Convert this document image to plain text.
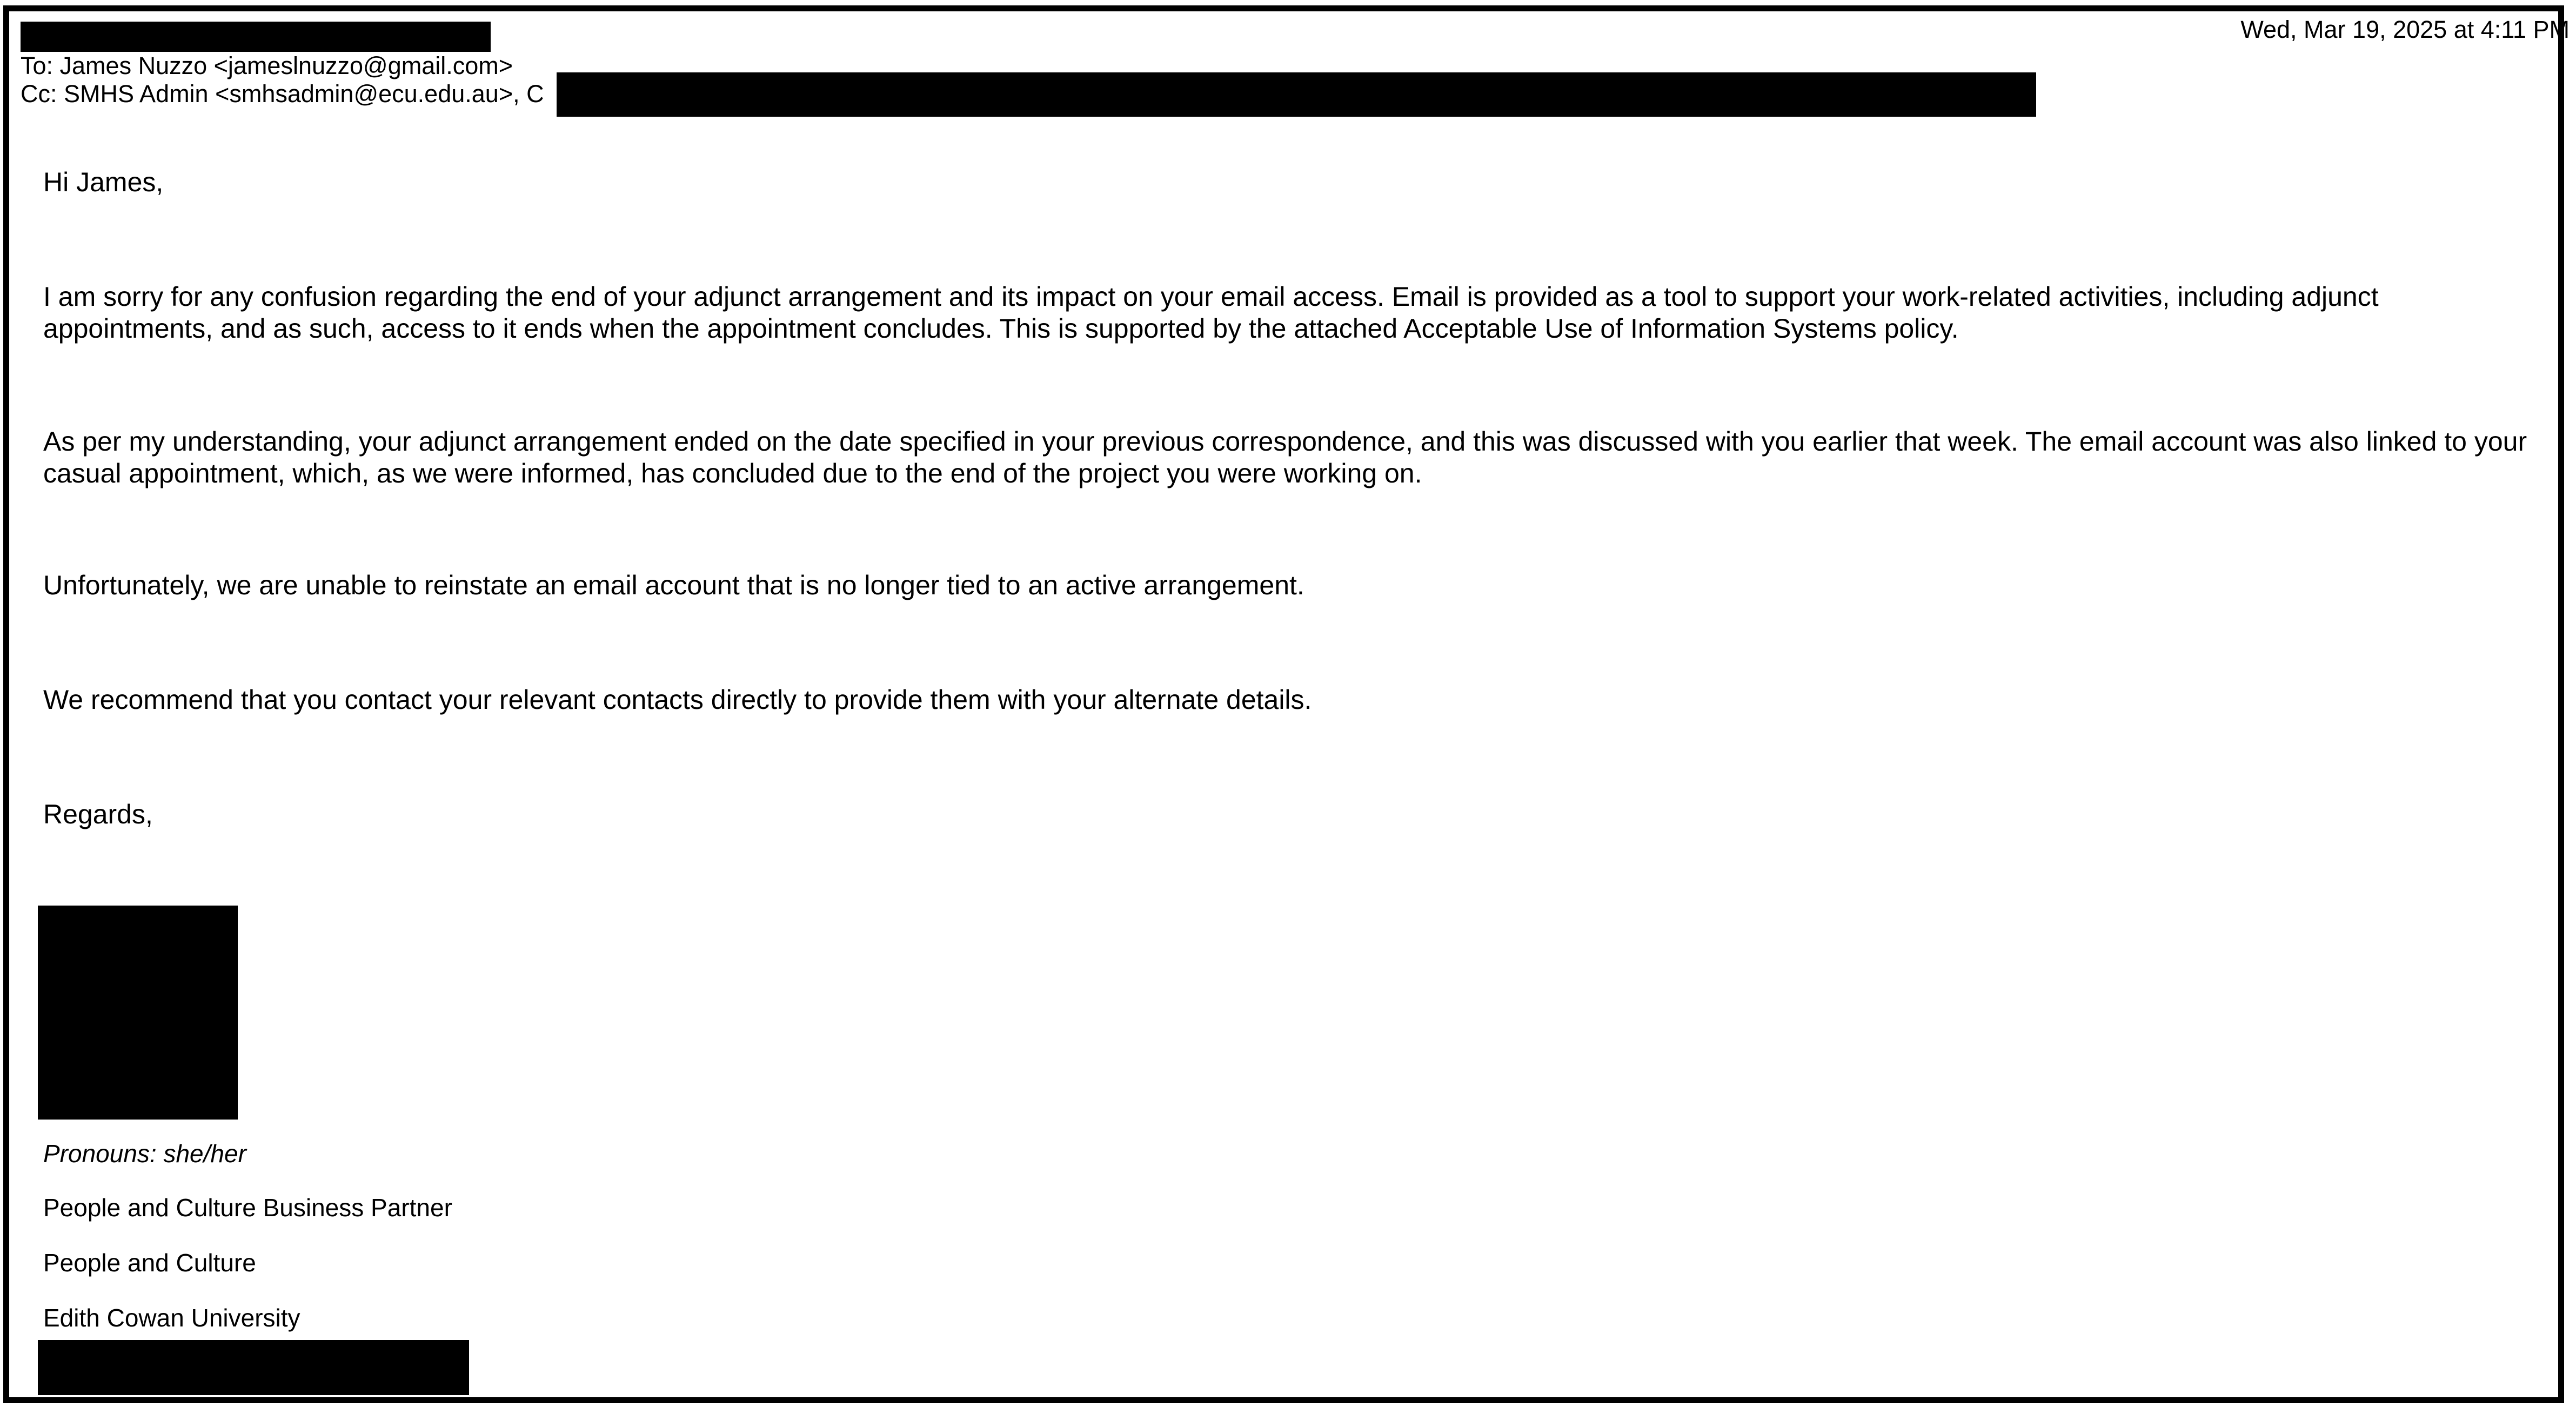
Wed, Mar 19, 2025 at 4:11 PM
To: James Nuzzo <jameslnuzzo@gmail.com>
Cc: SMHS Admin <smhsadmin@ecu.edu.au>, C
Hi James,

I am sorry for any confusion regarding the end of your adjunct arrangement and its impact on your email access. Email is provided as a tool to support your work-related activities, including adjunct appointments, and as such, access to it ends when the appointment concludes. This is supported by the attached Acceptable Use of Information Systems policy.

As per my understanding, your adjunct arrangement ended on the date specified in your previous correspondence, and this was discussed with you earlier that week. The email account was also linked to your casual appointment, which, as we were informed, has concluded due to the end of the project you were working on.

Unfortunately, we are unable to reinstate an email account that is no longer tied to an active arrangement.

We recommend that you contact your relevant contacts directly to provide them with your alternate details.

Regards,
Pronouns: she/her
People and Culture Business Partner
People and Culture
Edith Cowan University
